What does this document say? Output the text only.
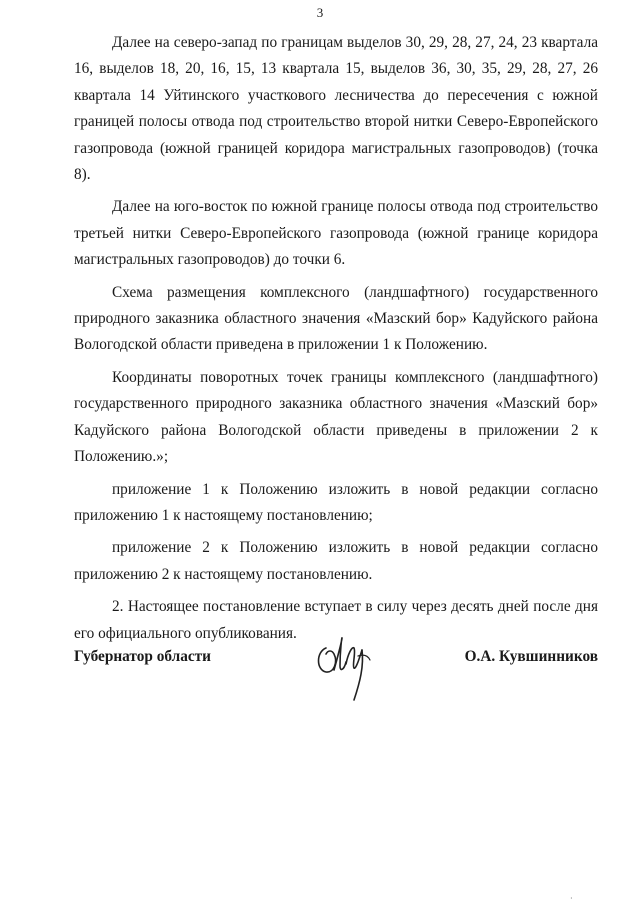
3

Далее на северо-запад по границам выделов 30, 29, 28, 27, 24, 23 квартала 16, выделов 18, 20, 16, 15, 13 квартала 15, выделов 36, 30, 35, 29, 28, 27, 26 квартала 14 Уйтинского участкового лесничества до пересечения с южной границей полосы отвода под строительство второй нитки Северо-Европейского газопровода (южной границей коридора магистральных газопроводов) (точка 8).

Далее на юго-восток по южной границе полосы отвода под строительство третьей нитки Северо-Европейского газопровода (южной границе коридора магистральных газопроводов) до точки 6.

Схема размещения комплексного (ландшафтного) государственного природного заказника областного значения «Мазский бор» Кадуйского района Вологодской области приведена в приложении 1 к Положению.

Координаты поворотных точек границы комплексного (ландшафтного) государственного природного заказника областного значения «Мазский бор» Кадуйского района Вологодской области приведены в приложении 2 к Положению.»;

приложение 1 к Положению изложить в новой редакции согласно приложению 1 к настоящему постановлению;

приложение 2 к Положению изложить в новой редакции согласно приложению 2 к настоящему постановлению.

2. Настоящее постановление вступает в силу через десять дней после дня его официального опубликования.

Губернатор области	О.А. Кувшинников
·
